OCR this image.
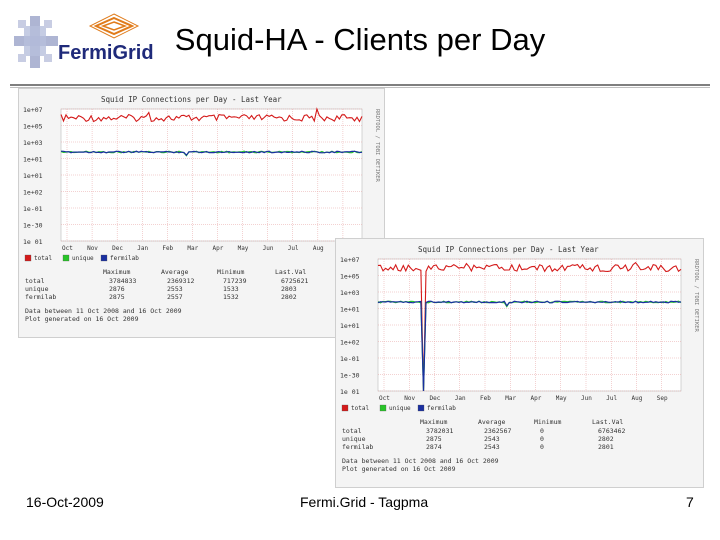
FermiGrid Squid-HA - Clients per Day
Squid IP Connections per Day - Last Year
RRDTOOL / TOBI OETIKER
1e+07
1e+05
1e+03
1e+01
1e+01
1e+02
1e-01
1e-30
1e 01
Oct Nov Dec Jan Feb Mar Apr May Jun Jul Aug
total	unique	fermilab
Maximum	Average	Minimum	Last.Val
total	3784833	2369312	717239	6725621
unique	2876	2553	1533	2803
fermilab	2875	2557	1532	2802
Data between 11 Oct 2008 and 16 Oct 2009
Plot generated on 16 Oct 2009
Squid IP Connections per Day - Last Year
RRDTOOL / TOBI OETIKER
1e+07
1e+05
1e+03
1e+01
1e+01
1e+02
1e-01
1e-30
1e 01
Oct Nov Dec Jan Feb Mar Apr May Jun Jul Aug Sep
total	unique	fermilab
Maximum	Average	Minimum	Last.Val
total	3782031	2362567	0	6763462
unique	2875	2543	0	2802
fermilab	2874	2543	0	2801
Data between 11 Oct 2008 and 16 Oct 2009
Plot generated on 16 Oct 2009
16-Oct-2009	Fermi.Grid - Tagpma	7
